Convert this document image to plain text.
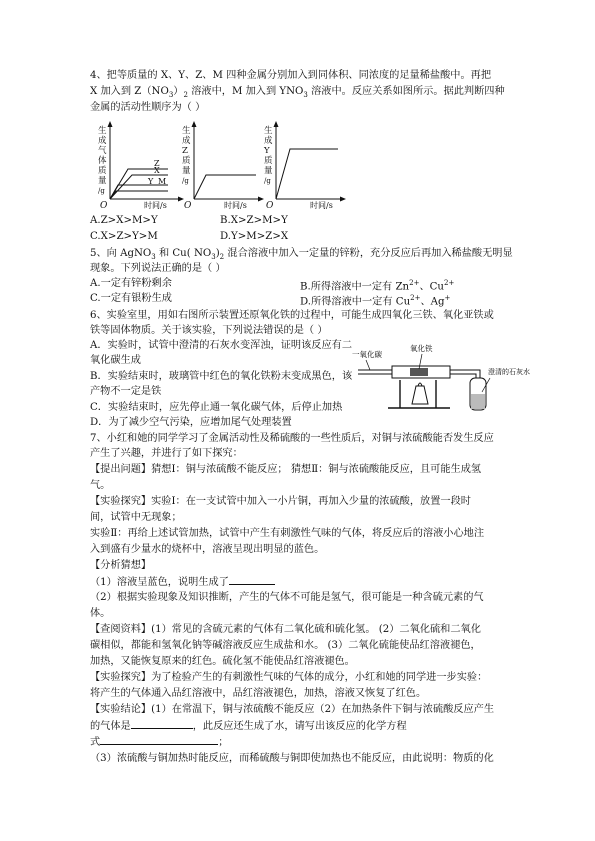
4、把等质量的 X、Y、Z、M 四种金属分别加入到同体积、同浓度的足量稀盐酸中。再把
X 加入到 $Z(NO_3)_2$ 溶液中，M 加入到 $YNO_3$ 溶液中。反应关系如图所示。据此判断四种
金属的活动性顺序为（ ）
生
成
气
体
质
量
/g
O	时间/s
Z
X
Y M
生
成
Z
质
量
/g
O	时间/s
生
成
Y
质
量
/g
O	时间/s
A.Z>X>M>Y	B.X>Z>M>Y
C.X>Z>Y>M	D.Y>M>Z>X
5、向 AgNO$_3$ 和 Cu( $NO_3)_2$ 混合溶液中加入一定量的锌粉，充分反应后再加入稀盐酸无明显
现象。下列说法正确的是（ ）
A.一定有锌粉剩余	B.所得溶液中一定有 $Zn^{2+}$、$Cu^{2+}$
C.一定有银粉生成	D.所得溶液中一定有 $Cu^{2+}$、Ag+
6、实验室里，用如右图所示装置还原氧化铁的过程中，可能生成四氧化三铁、氧化亚铁或
铁等固体物质。关于该实验，下列说法错误的是（ ）
A．实验时，试管中澄清的石灰水变浑浊，证明该反应有二
氧化碳生成
B．实验结束时，玻璃管中红色的氧化铁粉末变成黑色，该
产物不一定是铁
C．实验结束时，应先停止通一氧化碳气体，后停止加热
D．为了减少空气污染，应增加尾气处理装置
一氧化碳
氧化铁
澄清的石灰水
7、小红和她的同学学习了金属活动性及稀硫酸的一些性质后，对铜与浓硫酸能否发生反应
产生了兴趣，并进行了如下探究：
【提出问题】猜想Ⅰ：铜与浓硫酸不能反应； 猜想Ⅱ：铜与浓硫酸能反应，且可能生成氢
气。
【实验探究】实验Ⅰ：在一支试管中加入一小片铜，再加入少量的浓硫酸，放置一段时
间，试管中无现象；
实验Ⅱ：再给上述试管加热，试管中产生有刺激性气味的气体，将反应后的溶液小心地注
入到盛有少量水的烧杯中，溶液呈现出明显的蓝色。
【分析猜想】
（1）溶液呈蓝色，说明生成了
（2）根据实验现象及知识推断，产生的气体不可能是氢气，很可能是一种含硫元素的气
体。
【查阅资料】(1）常见的含硫元素的气体有二氧化硫和硫化氢。 (2）二氧化硫和二氧化
碳相似，都能和氢氧化钠等碱溶液反应生成盐和水。 (3）二氧化硫能使品红溶液褪色，
加热，又能恢复原来的红色。硫化氢不能使品红溶液褪色。
【实验探究】为了检验产生的有刺激性气味的气体的成分，小红和她的同学进一步实验：
将产生的气体通入品红溶液中，品红溶液褪色，加热，溶液又恢复了红色。
【实验结论】(1）在常温下，铜与浓硫酸不能反应（2）在加热条件下铜与浓硫酸反应产生
的气体是	，此反应还生成了水，请写出该反应的化学方程
式	；
（3）浓硫酸与铜加热时能反应，而稀硫酸与铜即使加热也不能反应，由此说明：物质的化
